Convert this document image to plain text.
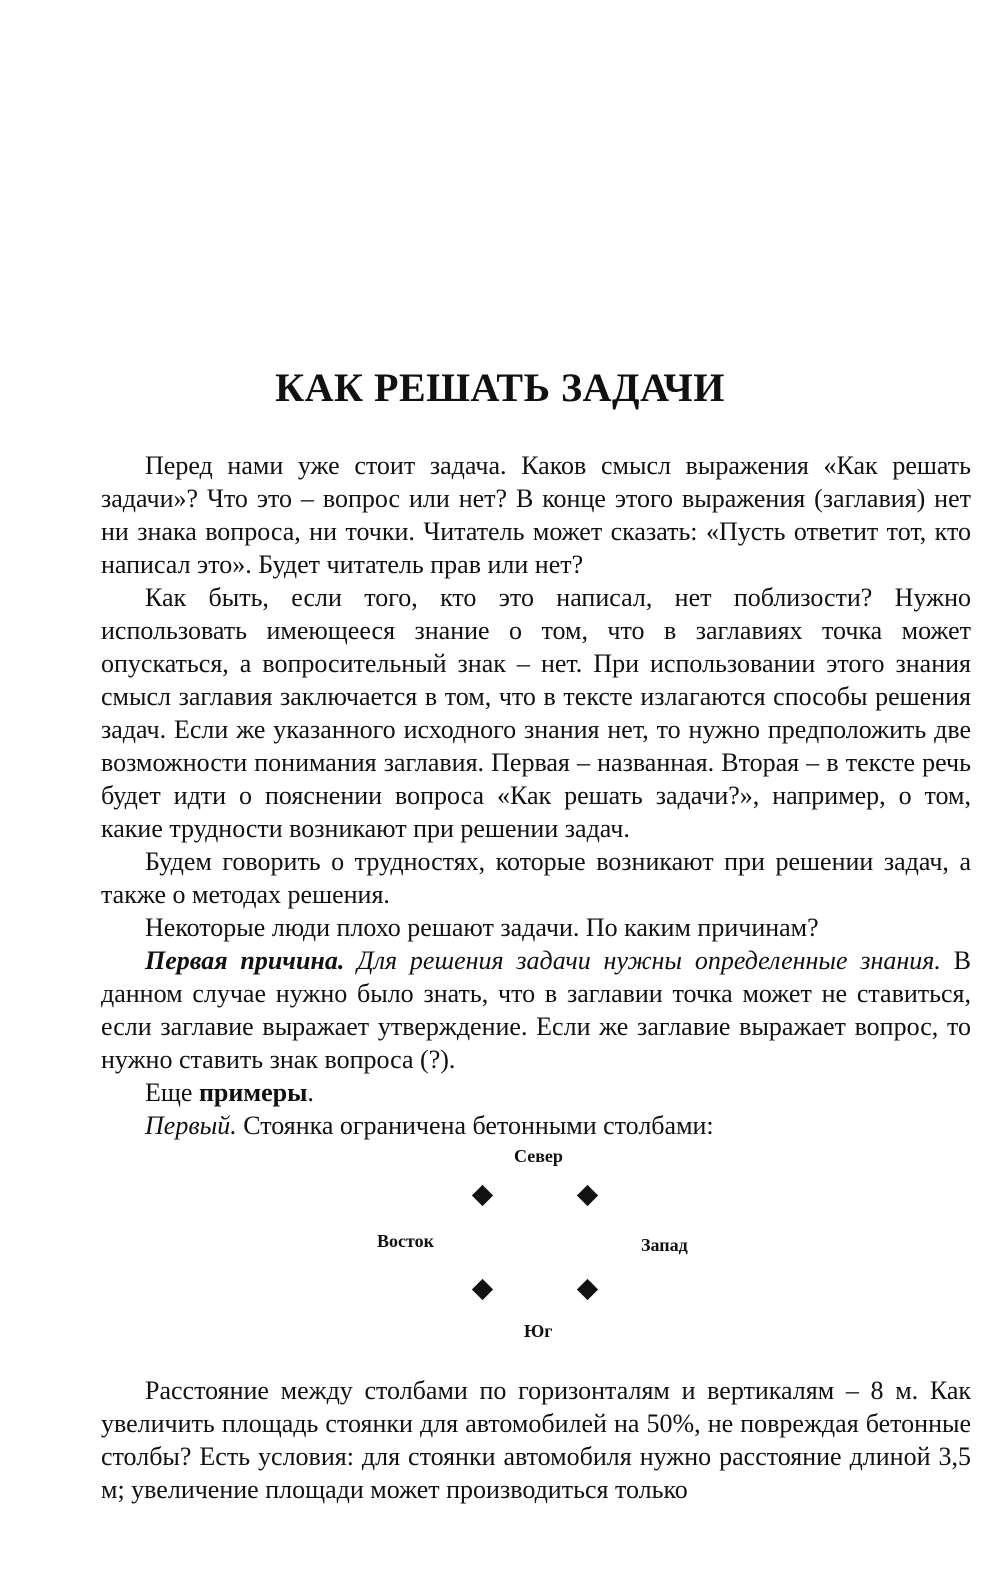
КАК РЕШАТЬ ЗАДАЧИ

Перед нами уже стоит задача. Каков смысл выражения «Как решать задачи»? Что это – вопрос или нет? В конце этого выражения (заглавия) нет ни знака вопроса, ни точки. Читатель может сказать: «Пусть ответит тот, кто написал это». Будет читатель прав или нет?

Как быть, если того, кто это написал, нет поблизости? Нужно использовать имеющееся знание о том, что в заглавиях точка может опускаться, а вопросительный знак – нет. При использовании этого знания смысл заглавия заключается в том, что в тексте излагаются способы решения задач. Если же указанного исходного знания нет, то нужно предположить две возможности понимания заглавия. Первая – названная. Вторая – в тексте речь будет идти о пояснении вопроса «Как решать задачи?», например, о том, какие трудности возникают при решении задач.

Будем говорить о трудностях, которые возникают при решении задач, а также о методах решения.

Некоторые люди плохо решают задачи. По каким причинам?

Первая причина. Для решения задачи нужны определенные знания. В данном случае нужно было знать, что в заглавии точка может не ставиться, если заглавие выражает утверждение. Если же заглавие выражает вопрос, то нужно ставить знак вопроса (?).

Еще примеры.

Первый. Стоянка ограничена бетонными столбами:

Север
Восток	Запад
Юг

Расстояние между столбами по горизонталям и вертикалям – 8 м. Как увеличить площадь стоянки для автомобилей на 50%, не повреждая бетонные столбы? Есть условия: для стоянки автомобиля нужно расстояние длиной 3,5 м; увеличение площади может производиться только
